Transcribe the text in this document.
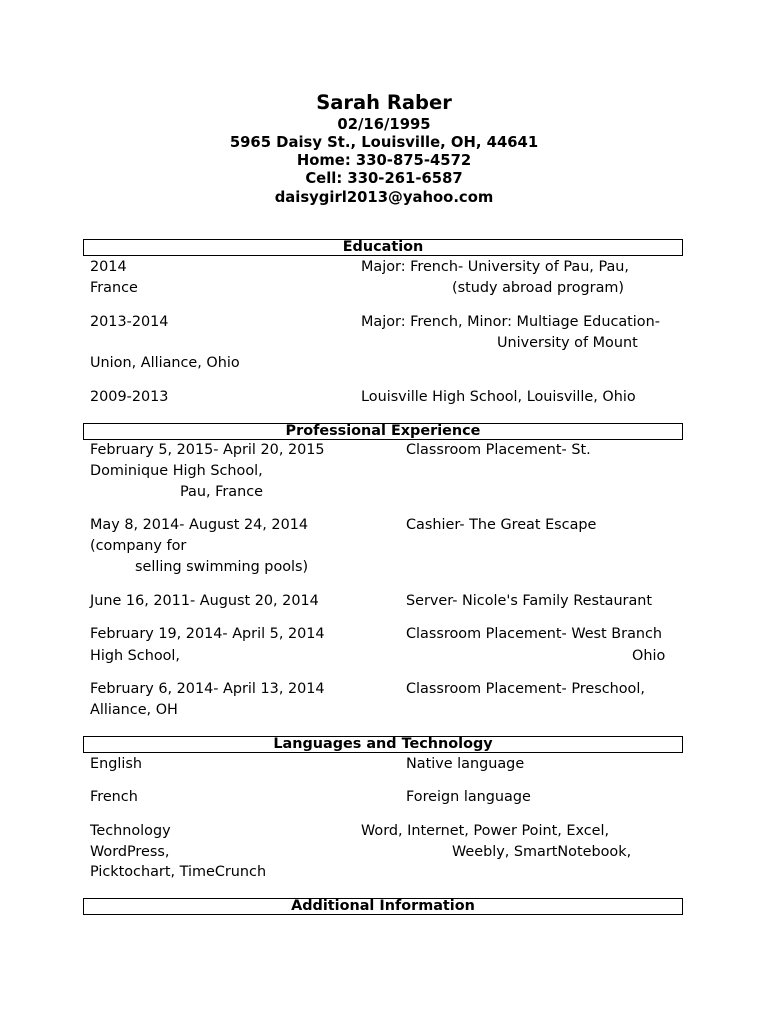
Sarah Raber
02/16/1995
5965 Daisy St., Louisville, OH, 44641
Home: 330-875-4572
Cell: 330-261-6587
daisygirl2013@yahoo.com
Education
2014	Major: French- University of Pau, Pau,
France	(study abroad program)
2013-2014	Major: French, Minor: Multiage Education-
University of Mount
Union, Alliance, Ohio
2009-2013	Louisville High School, Louisville, Ohio
Professional Experience
February 5, 2015- April 20, 2015	Classroom Placement- St.
Dominique High School,
Pau, France
May 8, 2014- August 24, 2014	Cashier- The Great Escape
(company for
selling swimming pools)
June 16, 2011- August 20, 2014	Server- Nicole's Family Restaurant
February 19, 2014- April 5, 2014	Classroom Placement- West Branch
High School,	Ohio
February 6, 2014- April 13, 2014	Classroom Placement- Preschool,
Alliance, OH
Languages and Technology
English	Native language
French	Foreign language
Technology	Word, Internet, Power Point, Excel,
WordPress,	Weebly, SmartNotebook,
Picktochart, TimeCrunch
Additional Information
